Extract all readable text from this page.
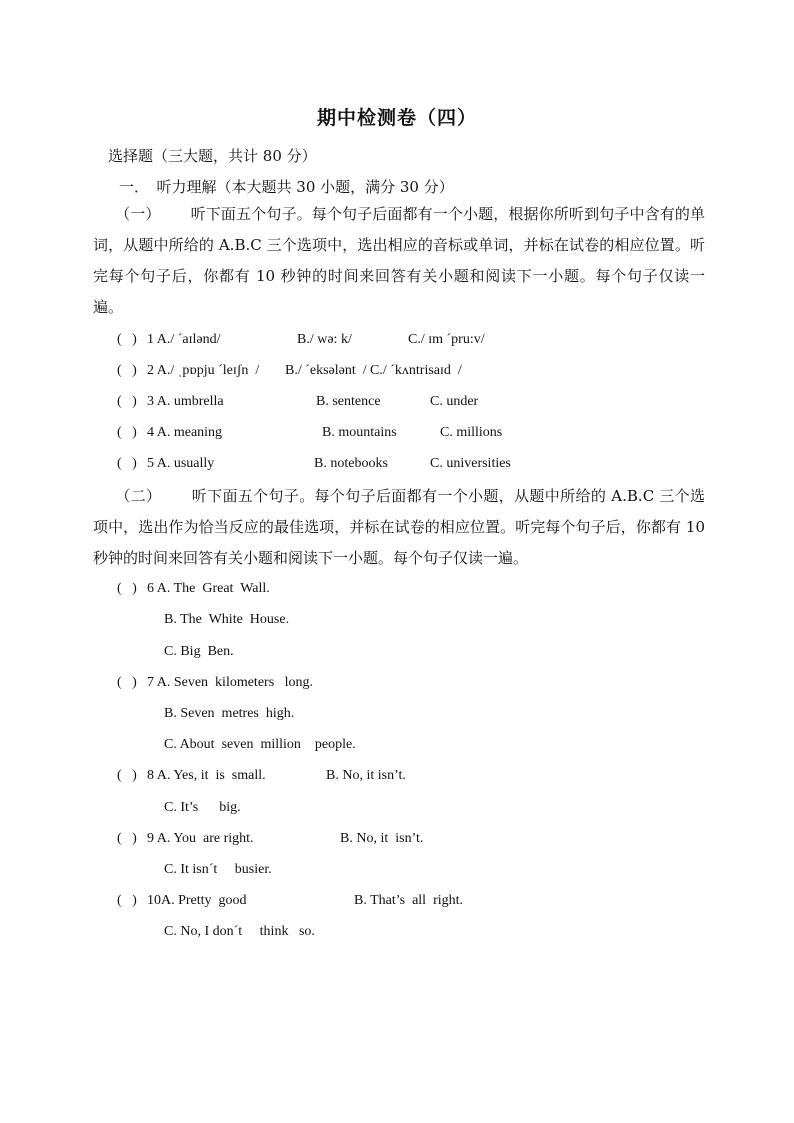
期中检测卷（四）
选择题（三大题，共计 80 分）
一．　听力理解（本大题共 30 小题，满分 30 分）
（一） 听下面五个句子。每个句子后面都有一个小题，根据你所听到句子中含有的单词，从题中所给的 A.B.C 三个选项中，选出相应的音标或单词，并标在试卷的相应位置。听完每个句子后，你都有 10 秒钟的时间来回答有关小题和阅读下一小题。每个句子仅读一遍。
(   ) 1 A./ ˊaɪlənd/	B./ wə: k/	C./ ɪm ˊpru:v/
(   ) 2 A./ ˌpɒpju ˊleɪʃn  / B./ ˊeksələnt  / C./ ˊkʌntrisaɪd  /
(   ) 3 A. umbrella	B. sentence	C. under
(   ) 4 A. meaning	B. mountains	C. millions
(   ) 5 A. usually	B. notebooks	C. universities
（二） 听下面五个句子。每个句子后面都有一个小题，从题中所给的 A.B.C 三个选项中，选出作为恰当反应的最佳选项，并标在试卷的相应位置。听完每个句子后，你都有 10 秒钟的时间来回答有关小题和阅读下一小题。每个句子仅读一遍。
(   ) 6 A. The  Great  Wall.
B. The  White  House.
C. Big  Ben.
(   ) 7 A. Seven  kilometers   long.
B. Seven  metres  high.
C. About  seven  million    people.
(   ) 8 A. Yes, it  is  small.	B. No, it isn’t.
C. It’s      big.
(   ) 9 A. You  are right.	B. No, it  isn’t.
C. It isnˊt     busier.
(   ) 10A. Pretty  good	B. That’s  all  right.
C. No, I donˊt     think   so.
